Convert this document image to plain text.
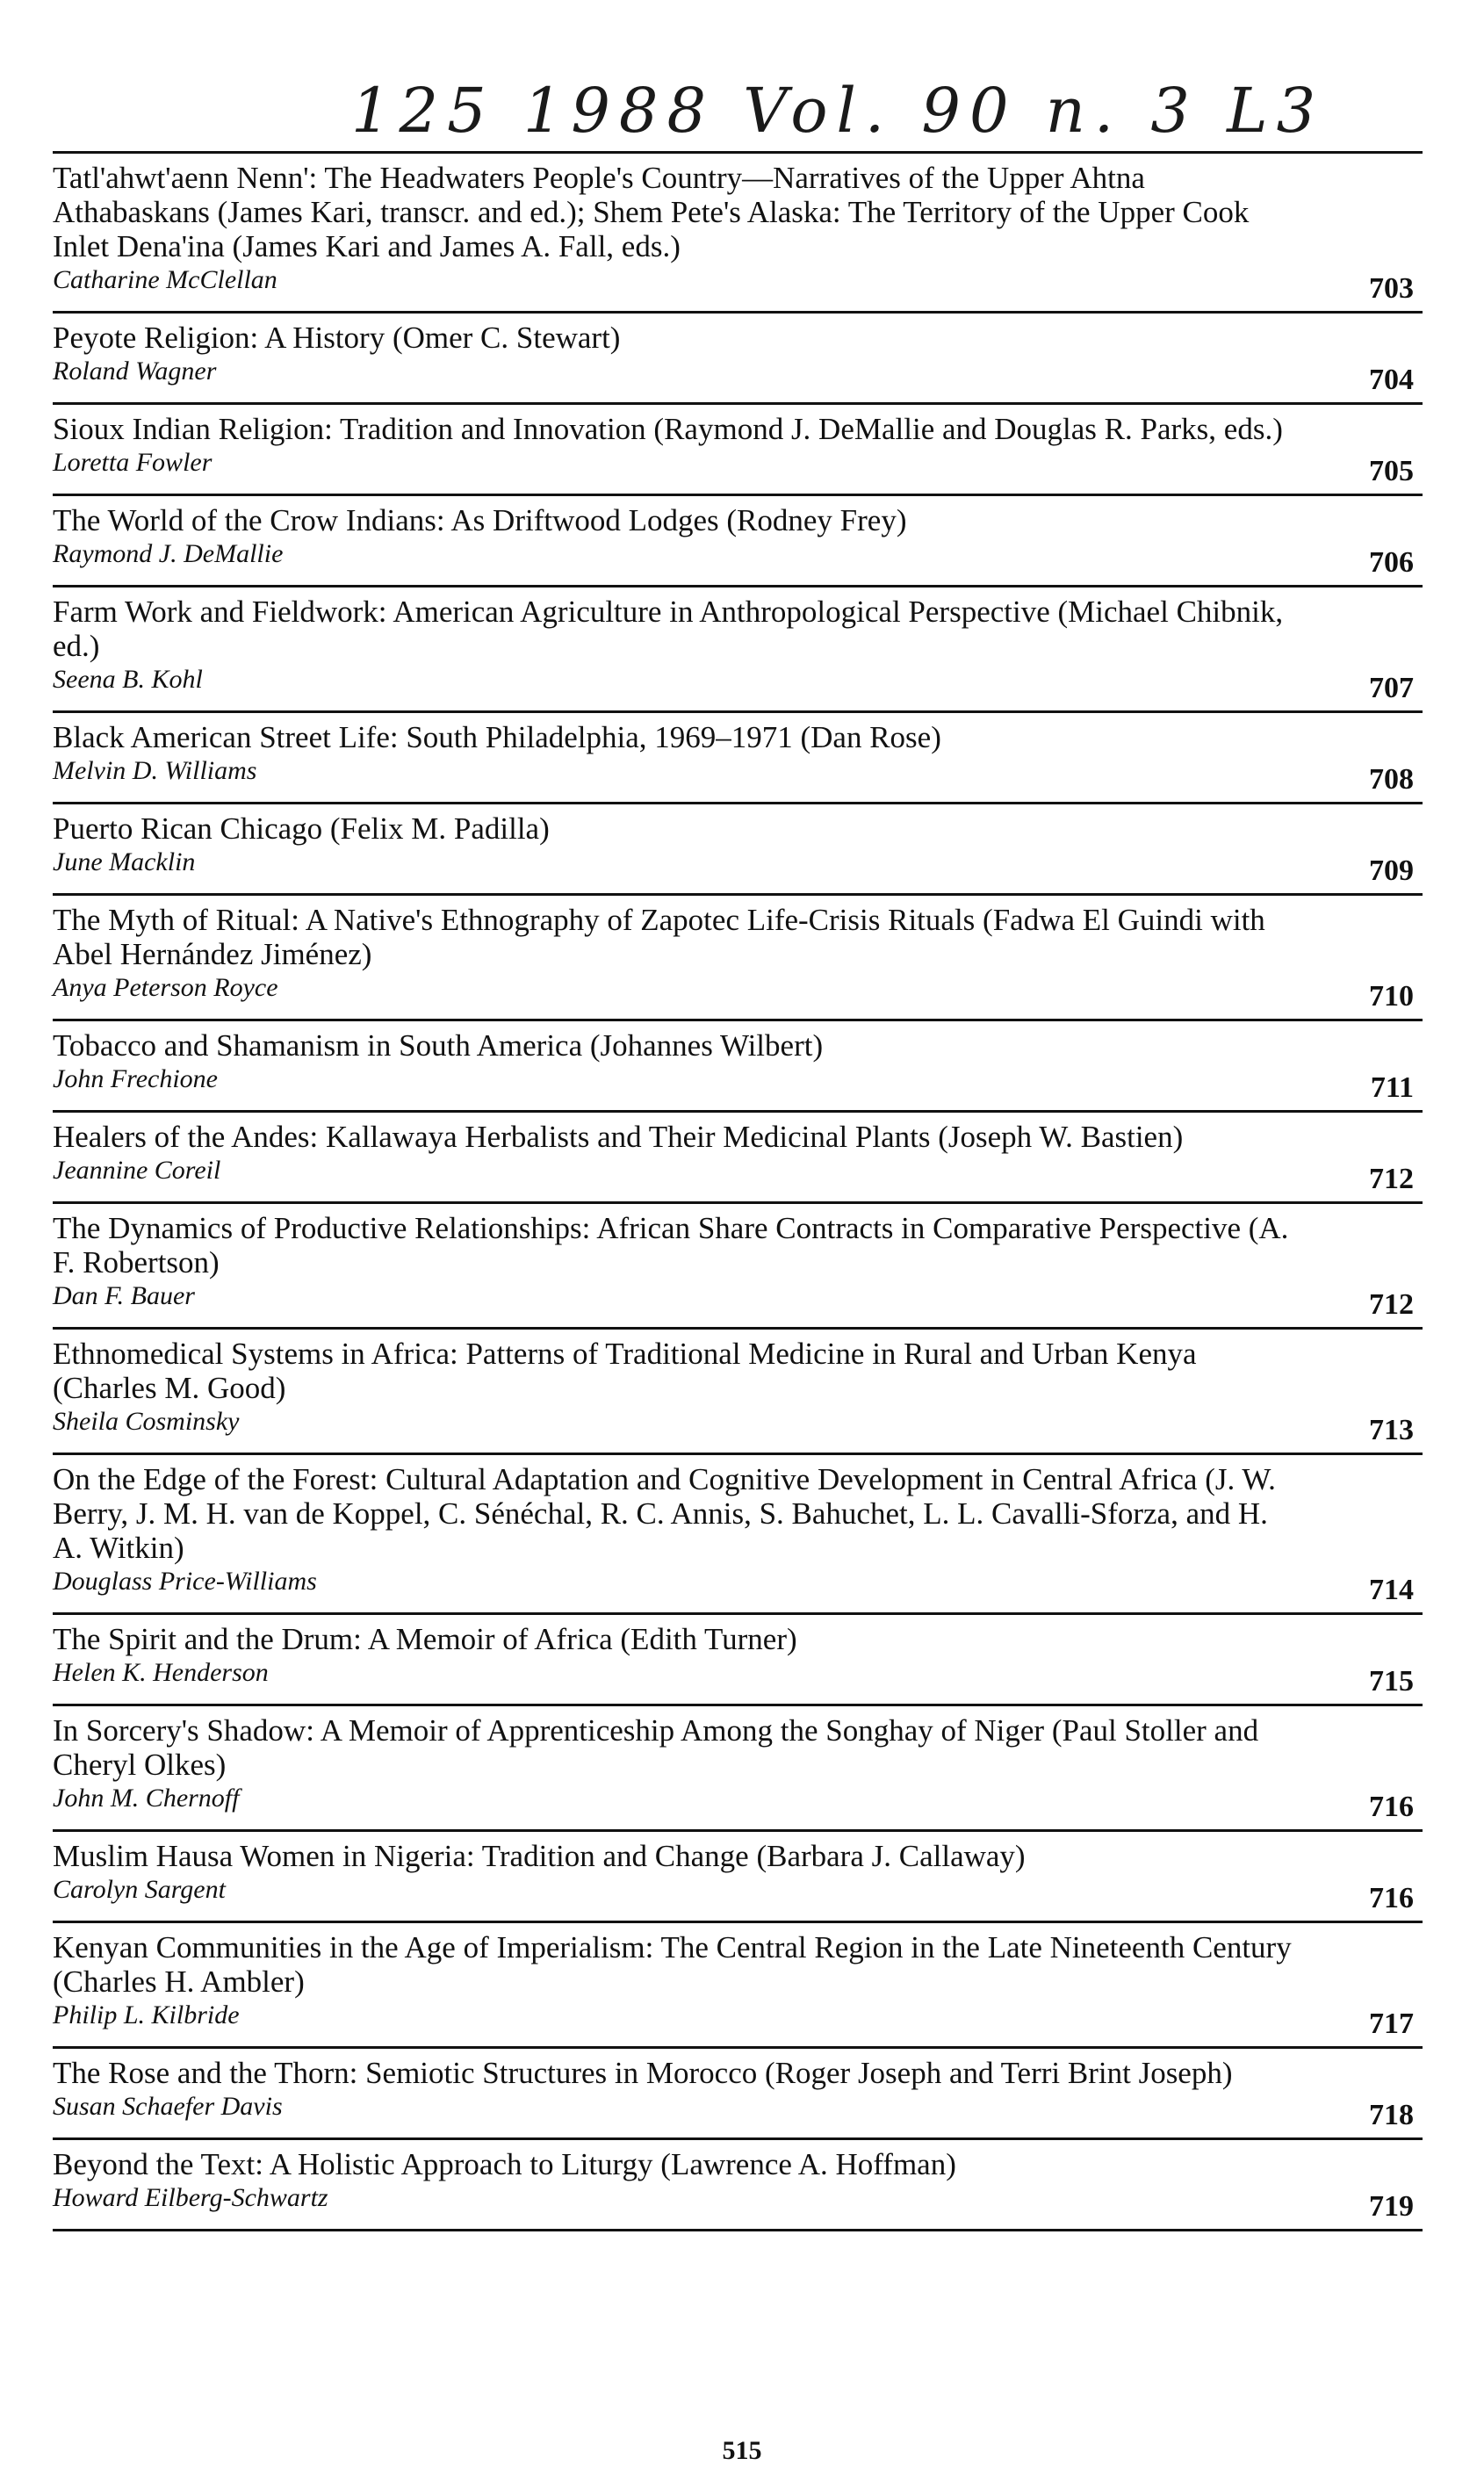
125 1988 Vol. 90 n. 3 L3
Tatl'ahwt'aenn Nenn': The Headwaters People's Country—Narratives of the Upper Ahtna Athabaskans (James Kari, transcr. and ed.); Shem Pete's Alaska: The Territory of the Upper Cook Inlet Dena'ina (James Kari and James A. Fall, eds.)
Catharine McClellan	703
Peyote Religion: A History (Omer C. Stewart)
Roland Wagner	704
Sioux Indian Religion: Tradition and Innovation (Raymond J. DeMallie and Douglas R. Parks, eds.)
Loretta Fowler	705
The World of the Crow Indians: As Driftwood Lodges (Rodney Frey)
Raymond J. DeMallie	706
Farm Work and Fieldwork: American Agriculture in Anthropological Perspective (Michael Chibnik, ed.)
Seena B. Kohl	707
Black American Street Life: South Philadelphia, 1969–1971 (Dan Rose)
Melvin D. Williams	708
Puerto Rican Chicago (Felix M. Padilla)
June Macklin	709
The Myth of Ritual: A Native's Ethnography of Zapotec Life-Crisis Rituals (Fadwa El Guindi with Abel Hernández Jiménez)
Anya Peterson Royce	710
Tobacco and Shamanism in South America (Johannes Wilbert)
John Frechione	711
Healers of the Andes: Kallawaya Herbalists and Their Medicinal Plants (Joseph W. Bastien)
Jeannine Coreil	712
The Dynamics of Productive Relationships: African Share Contracts in Comparative Perspective (A. F. Robertson)
Dan F. Bauer	712
Ethnomedical Systems in Africa: Patterns of Traditional Medicine in Rural and Urban Kenya (Charles M. Good)
Sheila Cosminsky	713
On the Edge of the Forest: Cultural Adaptation and Cognitive Development in Central Africa (J. W. Berry, J. M. H. van de Koppel, C. Sénéchal, R. C. Annis, S. Bahuchet, L. L. Cavalli-Sforza, and H. A. Witkin)
Douglass Price-Williams	714
The Spirit and the Drum: A Memoir of Africa (Edith Turner)
Helen K. Henderson	715
In Sorcery's Shadow: A Memoir of Apprenticeship Among the Songhay of Niger (Paul Stoller and Cheryl Olkes)
John M. Chernoff	716
Muslim Hausa Women in Nigeria: Tradition and Change (Barbara J. Callaway)
Carolyn Sargent	716
Kenyan Communities in the Age of Imperialism: The Central Region in the Late Nineteenth Century (Charles H. Ambler)
Philip L. Kilbride	717
The Rose and the Thorn: Semiotic Structures in Morocco (Roger Joseph and Terri Brint Joseph)
Susan Schaefer Davis	718
Beyond the Text: A Holistic Approach to Liturgy (Lawrence A. Hoffman)
Howard Eilberg-Schwartz	719
515
